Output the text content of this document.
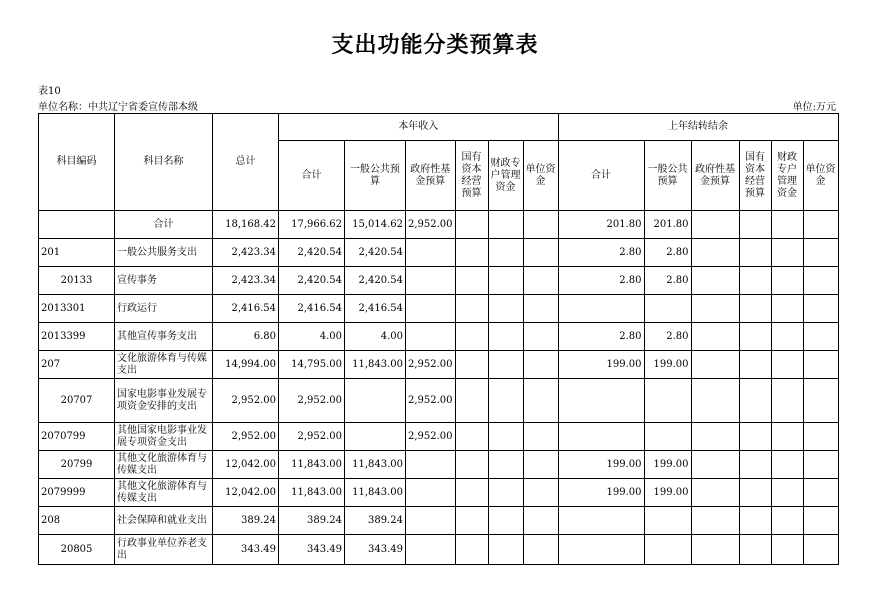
支出功能分类预算表
表10
单位名称：中共辽宁省委宣传部本级	单位:万元
科目编码	科目名称	总计	本年收入						上年结转结余					
			合计	一般公共预算	政府性基金预算	国有资本经营预算	财政专户管理资金	单位资金	合计	一般公共预算	政府性基金预算	国有资本经营预算	财政专户管理资金	单位资金
	合计	18,168.42	17,966.62	15,014.62	2,952.00				201.80	201.80				
201	一般公共服务支出	2,423.34	2,420.54	2,420.54					2.80	2.80				
20133	宣传事务	2,423.34	2,420.54	2,420.54					2.80	2.80				
2013301	行政运行	2,416.54	2,416.54	2,416.54										
2013399	其他宣传事务支出	6.80	4.00	4.00					2.80	2.80				
207	文化旅游体育与传媒支出	14,994.00	14,795.00	11,843.00	2,952.00				199.00	199.00				
20707	国家电影事业发展专项资金安排的支出	2,952.00	2,952.00		2,952.00									
2070799	其他国家电影事业发展专项资金支出	2,952.00	2,952.00		2,952.00									
20799	其他文化旅游体育与传媒支出	12,042.00	11,843.00	11,843.00					199.00	199.00				
2079999	其他文化旅游体育与传媒支出	12,042.00	11,843.00	11,843.00					199.00	199.00				
208	社会保障和就业支出	389.24	389.24	389.24										
20805	行政事业单位养老支出	343.49	343.49	343.49										
